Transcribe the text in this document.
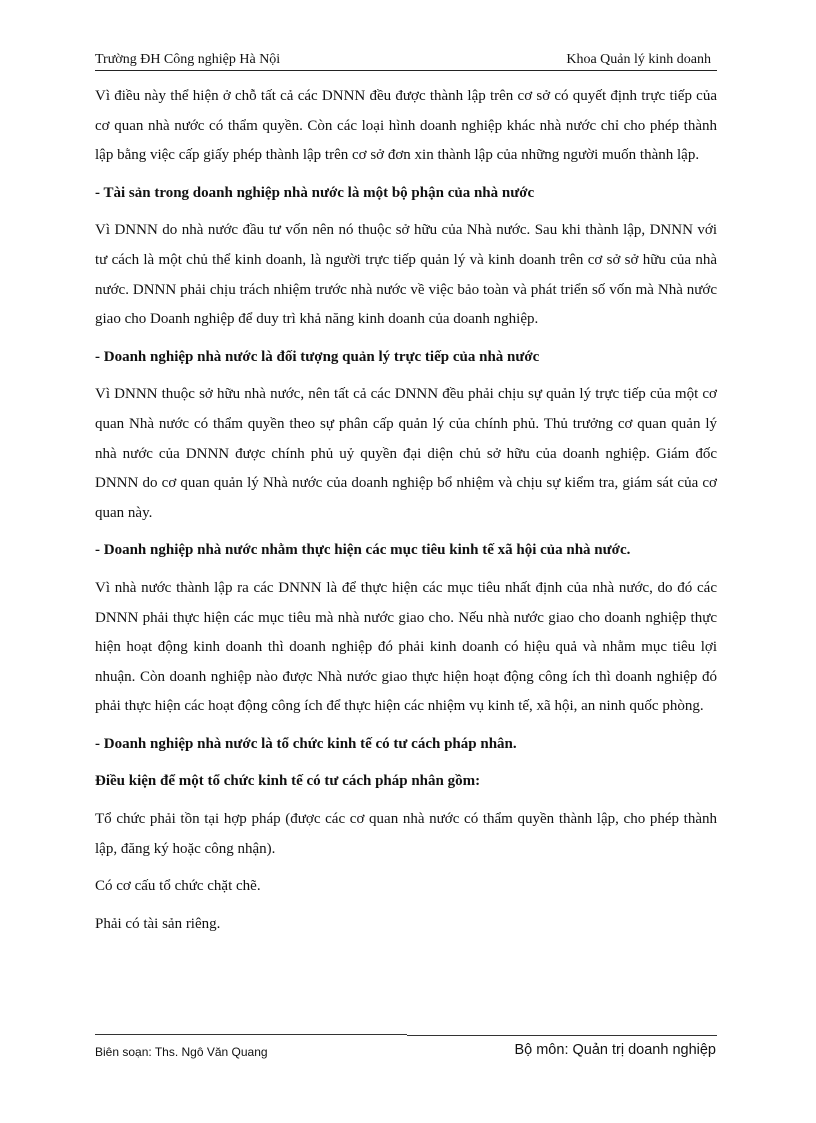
Trường ĐH Công nghiệp Hà Nội	Khoa Quản lý kinh doanh

Vì điều này thể hiện ở chỗ tất cả các DNNN đều được thành lập trên cơ sở có quyết định trực tiếp của cơ quan nhà nước có thẩm quyền. Còn các loại hình doanh nghiệp khác nhà nước chỉ cho phép thành lập bằng việc cấp giấy phép thành lập trên cơ sở đơn xin thành lập của những người muốn thành lập.

- Tài sản trong doanh nghiệp nhà nước là một bộ phận của nhà nước

Vì DNNN do nhà nước đầu tư vốn nên nó thuộc sở hữu của Nhà nước. Sau khi thành lập, DNNN với tư cách là một chủ thể kinh doanh, là người trực tiếp quản lý và kinh doanh trên cơ sở sở hữu của nhà nước. DNNN phải chịu trách nhiệm trước nhà nước về việc bảo toàn và phát triển số vốn mà Nhà nước giao cho Doanh nghiệp để duy trì khả năng kinh doanh của doanh nghiệp.

- Doanh nghiệp nhà nước là đối tượng quản lý trực tiếp của nhà nước

Vì DNNN thuộc sở hữu nhà nước, nên tất cả các DNNN đều phải chịu sự quản lý trực tiếp của một cơ quan Nhà nước có thẩm quyền theo sự phân cấp quản lý của chính phủ. Thủ trưởng cơ quan quản lý nhà nước của DNNN được chính phủ uỷ quyền đại diện chủ sở hữu của doanh nghiệp. Giám đốc DNNN do cơ quan quản lý Nhà nước của doanh nghiệp bổ nhiệm và chịu sự kiểm tra, giám sát của cơ quan này.

- Doanh nghiệp nhà nước nhằm thực hiện các mục tiêu kinh tế xã hội của nhà nước.

Vì nhà nước thành lập ra các DNNN là để thực hiện các mục tiêu nhất định của nhà nước, do đó các DNNN phải thực hiện các mục tiêu mà nhà nước giao cho. Nếu nhà nước giao cho doanh nghiệp thực hiện hoạt động kinh doanh thì doanh nghiệp đó phải kinh doanh có hiệu quả và nhằm mục tiêu lợi nhuận. Còn doanh nghiệp nào được Nhà nước giao thực hiện hoạt động công ích thì doanh nghiệp đó phải thực hiện các hoạt động công ích để thực hiện các nhiệm vụ kinh tế, xã hội, an ninh quốc phòng.

- Doanh nghiệp nhà nước là tổ chức kinh tế có tư cách pháp nhân.

Điều kiện để một tổ chức kinh tế có tư cách pháp nhân gồm:

Tổ chức phải tồn tại hợp pháp (được các cơ quan nhà nước có thẩm quyền thành lập, cho phép thành lập, đăng ký hoặc công nhận).

Có cơ cấu tổ chức chặt chẽ.

Phải có tài sản riêng.

Biên soạn: Ths. Ngô Văn Quang	Bộ môn: Quản trị doanh nghiệp
